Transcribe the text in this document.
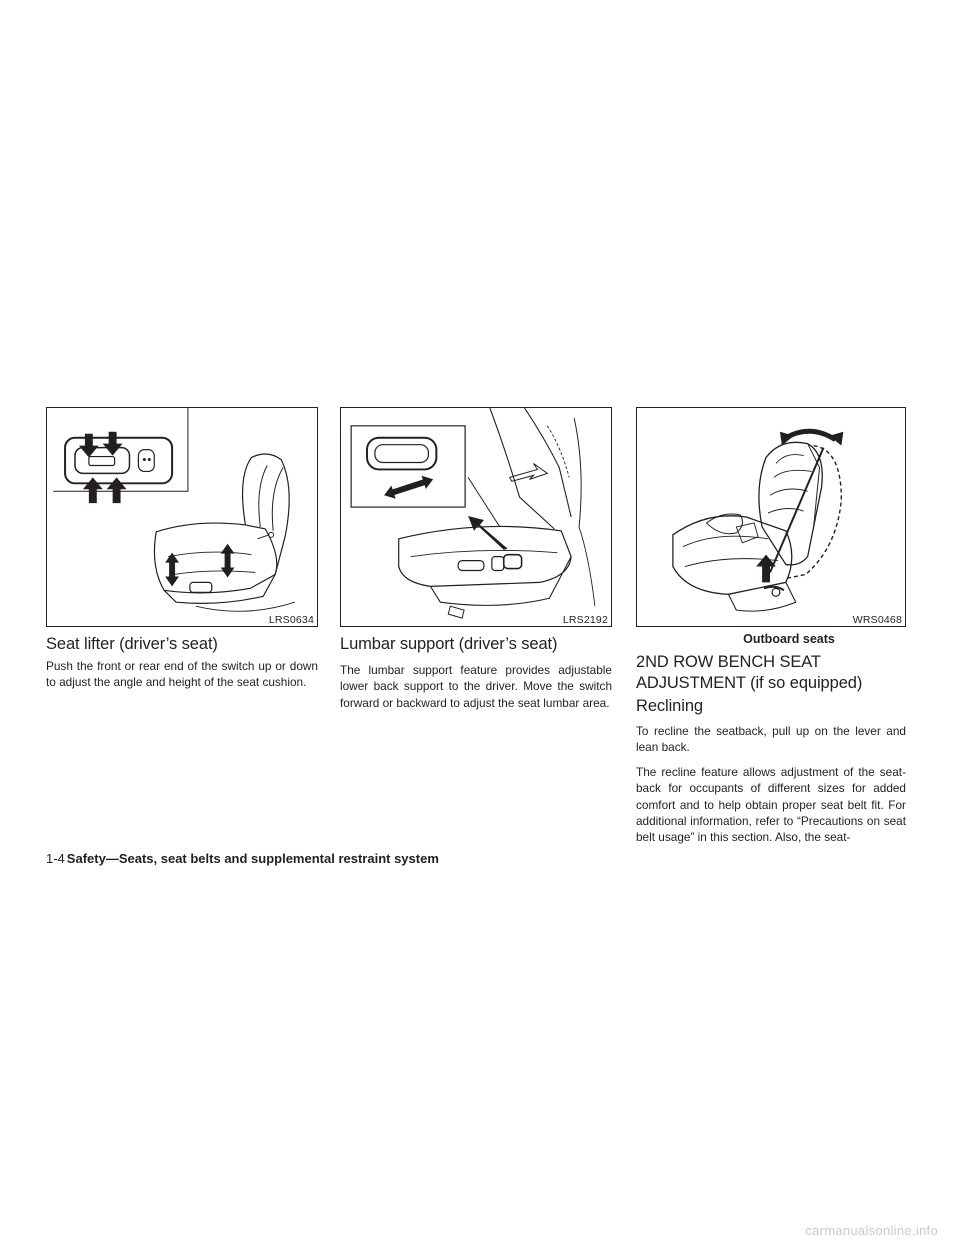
LRS0634	LRS2192	WRS0468
Outboard seats
Seat lifter (driver’s seat)

Push the front or rear end of the switch up or down to adjust the angle and height of the seat cushion.

Lumbar support (driver’s seat)

The lumbar support feature provides adjustable lower back support to the driver. Move the switch forward or backward to adjust the seat lumbar area.

2ND ROW BENCH SEAT
ADJUSTMENT (if so equipped)
Reclining

To recline the seatback, pull up on the lever and lean back.

The recline feature allows adjustment of the seat-back for occupants of different sizes for added comfort and to help obtain proper seat belt fit. For additional information, refer to “Precautions on seat belt usage” in this section. Also, the seat-

1-4 Safety—Seats, seat belts and supplemental restraint system
carmanualsonline.info
